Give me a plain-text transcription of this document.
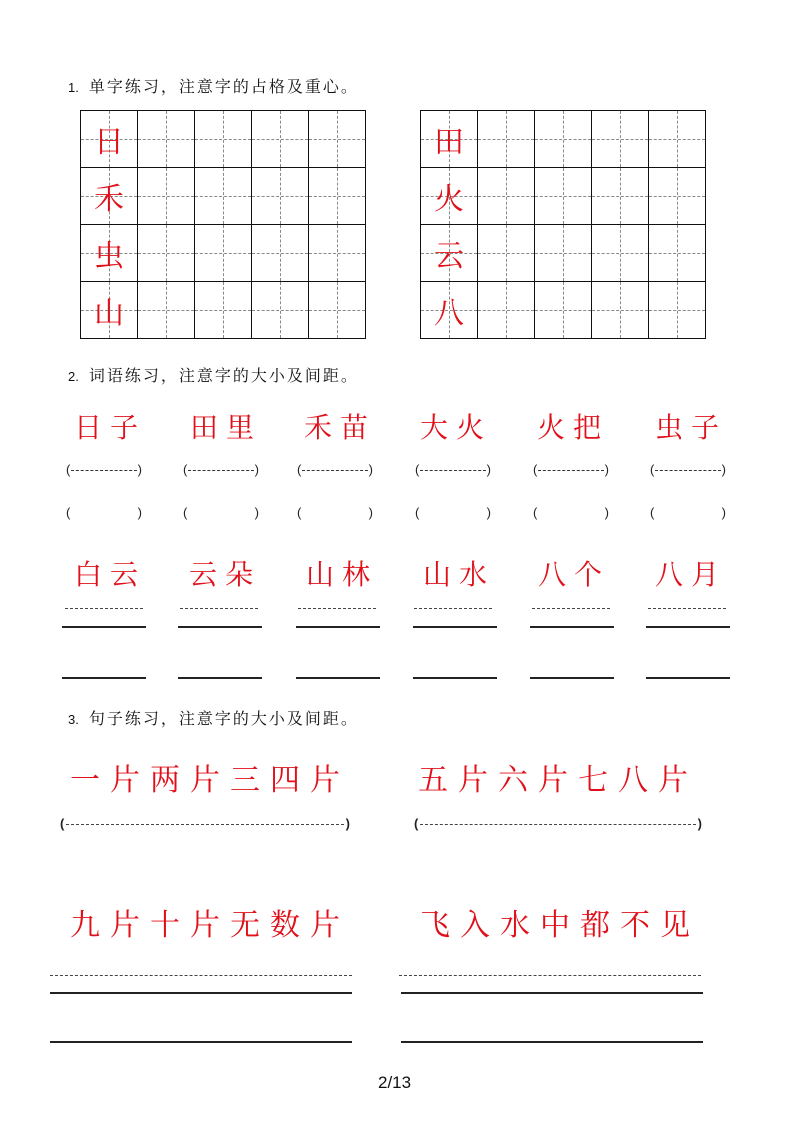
1. 单字练习，注意字的占格及重心。
日
禾
虫
山
田
火
云
八
2. 词语练习，注意字的大小及间距。
日子 田里 禾苗 大火 火把 虫子
(	)	(	)	(	)	(	)	(	)	(	)
(	)	(	)	(	)	(	)	(	)	(	)
白云 云朵 山林 山水 八个 八月
3. 句子练习，注意字的大小及间距。
一片两片三四片 五片六片七八片
(	)	(	)
九片十片无数片 飞入水中都不见
2/13
